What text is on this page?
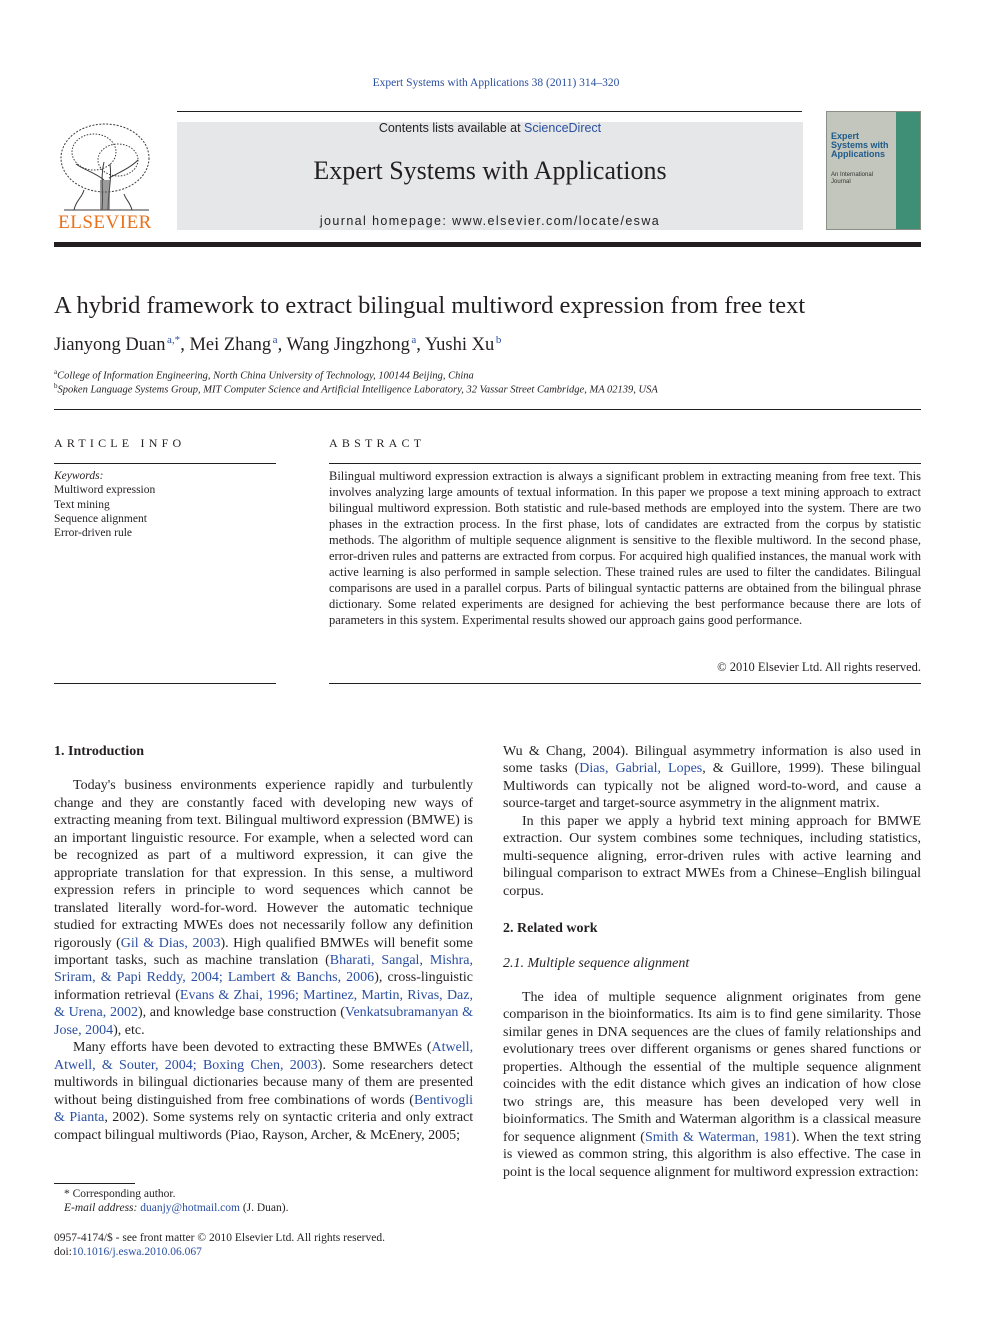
Expert Systems with Applications 38 (2011) 314–320
ELSEVIER
Contents lists available at ScienceDirect
Expert Systems with Applications
journal homepage: www.elsevier.com/locate/eswa
Expert Systems with Applications
An International Journal
A hybrid framework to extract bilingual multiword expression from free text
Jianyong Duan  $^{a,*}$, Mei Zhang  $^a$, Wang Jingzhong  $^a$, Yushi Xu  $^b$
$^a$College of Information Engineering, North China University of Technology, 100144 Beijing, China
$^b$Spoken Language Systems Group, MIT Computer Science and Artificial Intelligence Laboratory, 32 Vassar Street Cambridge, MA 02139, USA
ARTICLE INFO	ABSTRACT
Keywords:
Multiword expression
Text mining
Sequence alignment
Error-driven rule
Bilingual multiword expression extraction is always a significant problem in extracting meaning from free text. This involves analyzing large amounts of textual information. In this paper we propose a text mining approach to extract bilingual multiword expression. Both statistic and rule-based methods are employed into the system. There are two phases in the extraction process. In the first phase, lots of candidates are extracted from the corpus by statistic methods. The algorithm of multiple sequence alignment is sensitive to the flexible multiword. In the second phase, error-driven rules and patterns are extracted from corpus. For acquired high qualified instances, the manual work with active learning is also performed in sample selection. These trained rules are used to filter the candidates. Bilingual comparisons are used in a parallel corpus. Parts of bilingual syntactic patterns are obtained from the bilingual phrase dictionary. Some related experiments are designed for achieving the best performance because there are lots of parameters in this system. Experimental results showed our approach gains good performance.
© 2010 Elsevier Ltd. All rights reserved.
1. Introduction

Today's business environments experience rapidly and turbulently change and they are constantly faced with developing new ways of extracting meaning from text. Bilingual multiword expression (BMWE) is an important linguistic resource. For example, when a selected word can be recognized as part of a multiword expression, it can give the appropriate translation for that expression. In this sense, a multiword expression refers in principle to word sequences which cannot be translated literally word-for-word. However the automatic technique studied for extracting MWEs does not necessarily follow any definition rigorously (Gil & Dias, 2003). High qualified BMWEs will benefit some important tasks, such as machine translation (Bharati, Sangal, Mishra, Sriram, & Papi Reddy, 2004; Lambert & Banchs, 2006), cross-linguistic information retrieval (Evans & Zhai, 1996; Martinez, Martin, Rivas, Daz, & Urena, 2002), and knowledge base construction (Venkatsubramanyan & Jose, 2004), etc.

Many efforts have been devoted to extracting these BMWEs (Atwell, Atwell, & Souter, 2004; Boxing Chen, 2003). Some researchers detect multiwords in bilingual dictionaries because many of them are presented without being distinguished from free combinations of words (Bentivogli & Pianta, 2002). Some systems rely on syntactic criteria and only extract compact bilingual multiwords (Piao, Rayson, Archer, & McEnery, 2005;

Wu & Chang, 2004). Bilingual asymmetry information is also used in some tasks (Dias, Gabrial, Lopes, & Guillore, 1999). These bilingual Multiwords can typically not be aligned word-to-word, and cause a source-target and target-source asymmetry in the alignment matrix.

In this paper we apply a hybrid text mining approach for BMWE extraction. Our system combines some techniques, including statistics, multi-sequence aligning, error-driven rules with active learning and bilingual comparison to extract MWEs from a Chinese–English bilingual corpus.

2. Related work
2.1. Multiple sequence alignment

The idea of multiple sequence alignment originates from gene comparison in the bioinformatics. Its aim is to find gene similarity. Those similar genes in DNA sequences are the clues of family relationships and evolutionary trees over different organisms or genes shared functions or properties. Although the essential of the multiple sequence alignment coincides with the edit distance which gives an indication of how close two strings are, this measure has been developed very well in bioinformatics. The Smith and Waterman algorithm is a classical measure for sequence alignment (Smith & Waterman, 1981). When the text string is viewed as common string, this algorithm is also effective. The case in point is the local sequence alignment for multiword expression extraction:

* Corresponding author.
E-mail address: duanjy@hotmail.com (J. Duan).
0957-4174/$ - see front matter © 2010 Elsevier Ltd. All rights reserved.
doi:10.1016/j.eswa.2010.06.067
